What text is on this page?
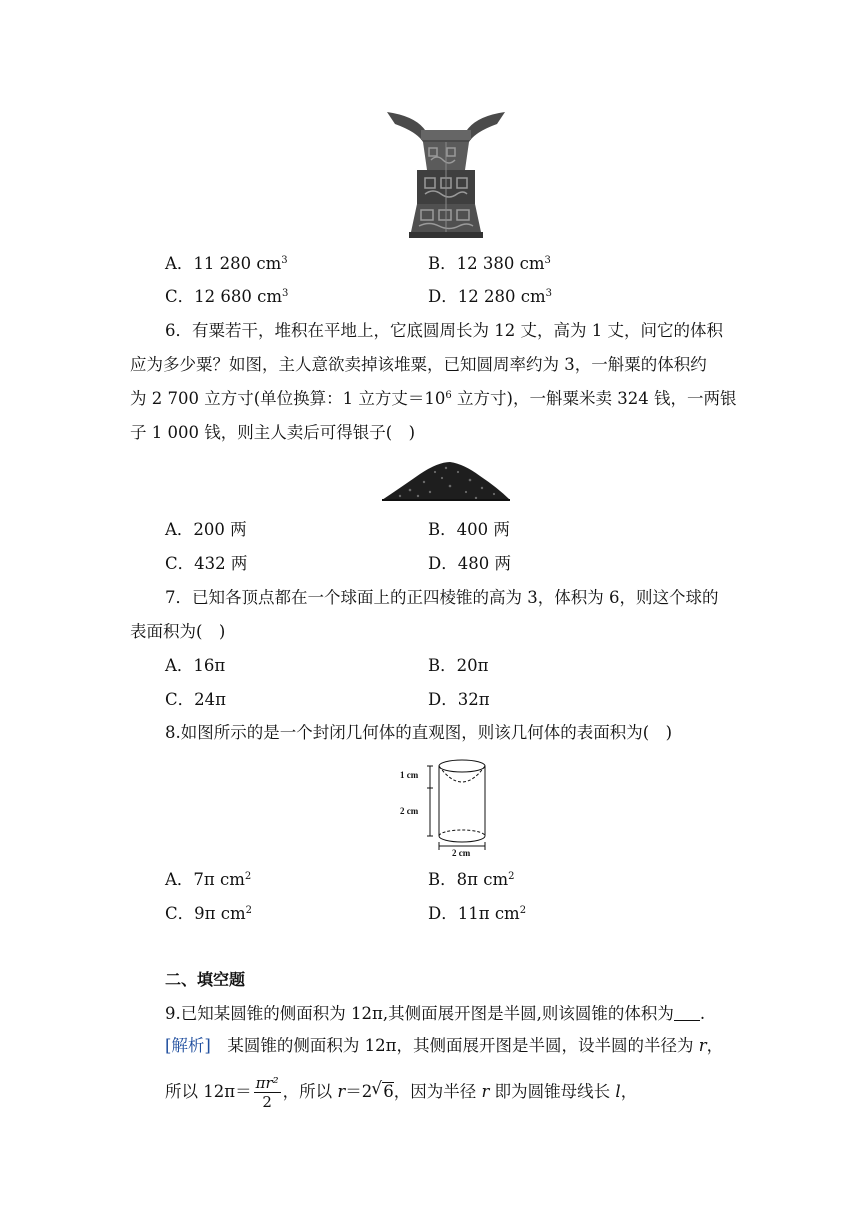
A．11 280 $cm^3$	B．12 380 $cm^3$
C．12 680 $cm^3$	D．12 280 $cm^3$
6．有粟若干，堆积在平地上，它底圆周长为 12 丈，高为 1 丈，问它的体积
应为多少粟？如图，主人意欲卖掉该堆粟，已知圆周率约为 3，一斛粟的体积约
为 2 700 立方寸(单位换算：1 立方丈$=10^6$ 立方寸)，一斛粟米卖 324 钱，一两银
子 1 000 钱，则主人卖后可得银子(　)
A．200 两	B．400 两
C．432 两	D．480 两
7．已知各顶点都在一个球面上的正四棱锥的高为 3，体积为 6，则这个球的
表面积为(　)
A．16π	B．20π
C．24π	D．32π
8.如图所示的是一个封闭几何体的直观图，则该几何体的表面积为(　)
1 cm
2 cm
2 cm
A．7π $cm^2$	B．8π $cm^2$
C．9π $cm^2$	D．11π $cm^2$
二、填空题
9.已知某圆锥的侧面积为 12π,其侧面展开图是半圆,则该圆锥的体积为 .
[解析]　某圆锥的侧面积为 12π，其侧面展开图是半圆，设半圆的半径为 r，
所以 $12\pi= \frac{\text{πr²}}{2}$ ，所以 r＝2√ 6，因为半径 r 即为圆锥母线长 l，
